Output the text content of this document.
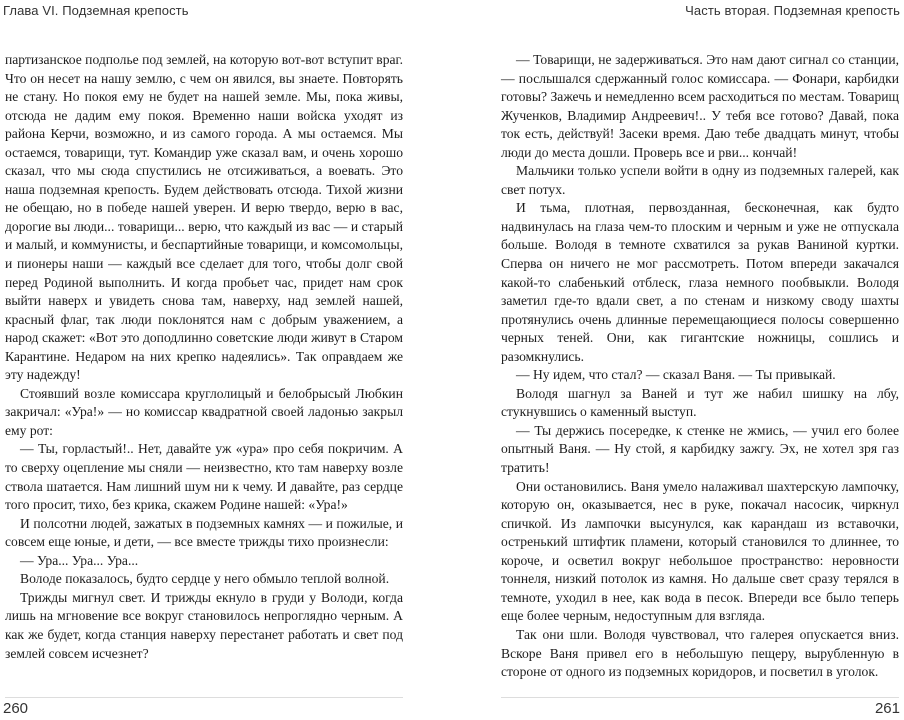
Глава VI. Подземная крепость

партизанское подполье под землей, на которую вот-вот вступит враг. Что он несет на нашу землю, с чем он явился, вы знаете. Повторять не стану. Но покоя ему не будет на нашей земле. Мы, пока живы, отсюда не дадим ему покоя. Временно наши войска уходят из района Керчи, возможно, и из самого города. А мы остаемся. Мы остаемся, товарищи, тут. Командир уже сказал вам, и очень хорошо сказал, что мы сюда спустились не отсиживаться, а воевать. Это наша подземная крепость. Будем действовать отсюда. Тихой жизни не обещаю, но в победе нашей уверен. И верю твердо, верю в вас, дорогие вы люди... товарищи... верю, что каждый из вас — и старый и малый, и коммунисты, и беспартийные товарищи, и комсомольцы, и пионеры наши — каждый все сделает для того, чтобы долг свой перед Родиной выполнить. И когда пробьет час, придет нам срок выйти наверх и увидеть снова там, наверху, над землей нашей, красный флаг, так люди поклонятся нам с добрым уважением, а народ скажет: «Вот это доподлинно советские люди живут в Старом Карантине. Недаром на них крепко надеялись». Так оправдаем же эту надежду!

Стоявший возле комиссара круглолицый и белобрысый Любкин закричал: «Ура!» — но комиссар квадратной своей ладонью закрыл ему рот:

— Ты, горластый!.. Нет, давайте уж «ура» про себя покричим. А то сверху оцепление мы сняли — неизвестно, кто там наверху возле ствола шатается. Нам лишний шум ни к чему. И давайте, раз сердце того просит, тихо, без крика, скажем Родине нашей: «Ура!»

И полсотни людей, зажатых в подземных камнях — и пожилые, и совсем еще юные, и дети, — все вместе трижды тихо произнесли:

— Ура... Ура... Ура...

Володе показалось, будто сердце у него обмыло теплой волной.

Трижды мигнул свет. И трижды екнуло в груди у Володи, когда лишь на мгновение все вокруг становилось непроглядно черным. А как же будет, когда станция наверху перестанет работать и свет под землей совсем исчезнет?

260
Часть вторая. Подземная крепость

— Товарищи, не задерживаться. Это нам дают сигнал со станции, — послышался сдержанный голос комиссара. — Фонари, карбидки готовы? Зажечь и немедленно всем расходиться по местам. Товарищ Жученков, Владимир Андреевич!.. У тебя все готово? Давай, пока ток есть, действуй! Засеки время. Даю тебе двадцать минут, чтобы люди до места дошли. Проверь все и рви... кончай!

Мальчики только успели войти в одну из подземных галерей, как свет потух.

И тьма, плотная, первозданная, бесконечная, как будто надвинулась на глаза чем-то плоским и черным и уже не отпускала больше. Володя в темноте схватился за рукав Ваниной куртки. Сперва он ничего не мог рассмотреть. Потом впереди закачался какой-то слабенький отблеск, глаза немного пообвыкли. Володя заметил где-то вдали свет, а по стенам и низкому своду шахты протянулись очень длинные перемещающиеся полосы совершенно черных теней. Они, как гигантские ножницы, сошлись и разомкнулись.

— Ну идем, что стал? — сказал Ваня. — Ты привыкай.

Володя шагнул за Ваней и тут же набил шишку на лбу, стукнувшись о каменный выступ.

— Ты держись посередке, к стенке не жмись, — учил его более опытный Ваня. — Ну стой, я карбидку зажгу. Эх, не хотел зря газ тратить!

Они остановились. Ваня умело налаживал шахтерскую лампочку, которую он, оказывается, нес в руке, покачал насосик, чиркнул спичкой. Из лампочки высунулся, как карандаш из вставочки, остренький штифтик пламени, который становился то длиннее, то короче, и осветил вокруг небольшое пространство: неровности тоннеля, низкий потолок из камня. Но дальше свет сразу терялся в темноте, уходил в нее, как вода в песок. Впереди все было теперь еще более черным, недоступным для взгляда.

Так они шли. Володя чувствовал, что галерея опускается вниз. Вскоре Ваня привел его в небольшую пещеру, вырубленную в стороне от одного из подземных коридоров, и посветил в уголок.

261
